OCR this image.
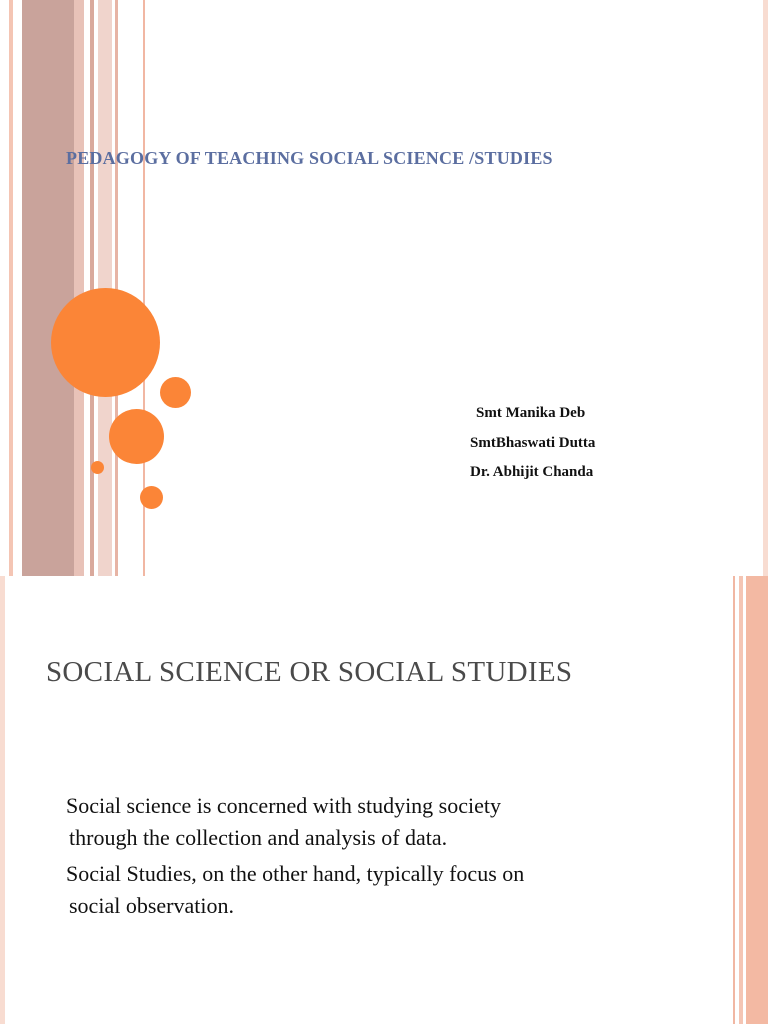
PEDAGOGY OF TEACHING SOCIAL SCIENCE /STUDIES
Smt Manika Deb
SmtBhaswati Dutta
Dr. Abhijit Chanda
SOCIAL SCIENCE OR SOCIAL STUDIES
Social science is concerned with studying society
through the collection and analysis of data.
Social Studies, on the other hand, typically focus on
social observation.
